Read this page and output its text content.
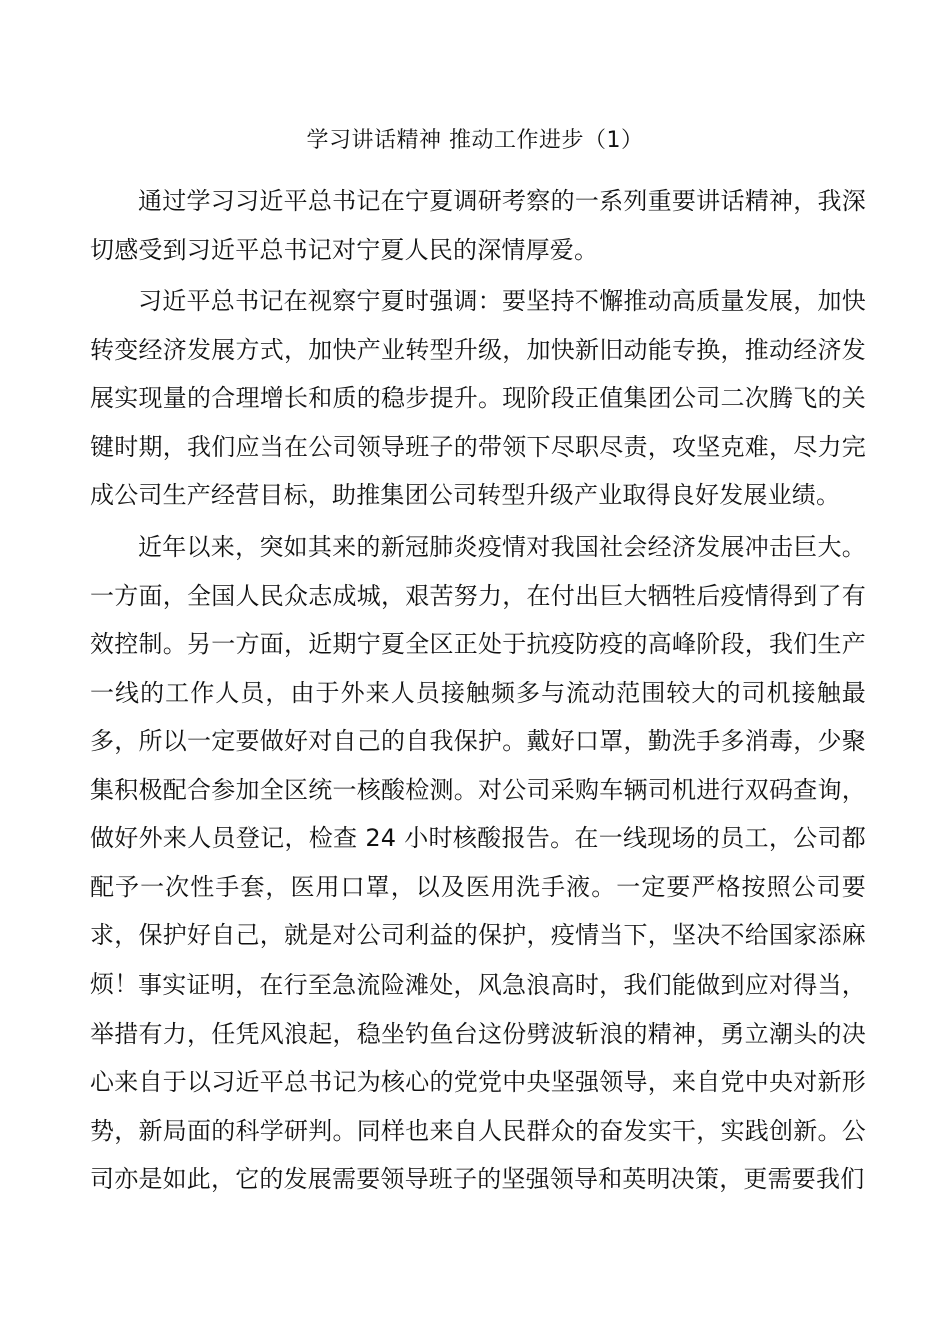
学习讲话精神 推动工作进步（1）

通过学习习近平总书记在宁夏调研考察的一系列重要讲话精神，我深切感受到习近平总书记对宁夏人民的深情厚爱。

习近平总书记在视察宁夏时强调：要坚持不懈推动高质量发展，加快转变经济发展方式，加快产业转型升级，加快新旧动能专换，推动经济发展实现量的合理增长和质的稳步提升。现阶段正值集团公司二次腾飞的关键时期，我们应当在公司领导班子的带领下尽职尽责，攻坚克难，尽力完成公司生产经营目标，助推集团公司转型升级产业取得良好发展业绩。

近年以来，突如其来的新冠肺炎疫情对我国社会经济发展冲击巨大。一方面，全国人民众志成城，艰苦努力，在付出巨大牺牲后疫情得到了有效控制。另一方面，近期宁夏全区正处于抗疫防疫的高峰阶段，我们生产一线的工作人员，由于外来人员接触频多与流动范围较大的司机接触最多，所以一定要做好对自己的自我保护。戴好口罩，勤洗手多消毒，少聚集积极配合参加全区统一核酸检测。对公司采购车辆司机进行双码查询，做好外来人员登记，检查 24 小时核酸报告。在一线现场的员工，公司都配予一次性手套，医用口罩，以及医用洗手液。一定要严格按照公司要求，保护好自己，就是对公司利益的保护，疫情当下，坚决不给国家添麻烦！ 事实证明，在行至急流险滩处，风急浪高时，我们能做到应对得当，举措有力，任凭风浪起，稳坐钓鱼台这份劈波斩浪的精神，勇立潮头的决心来自于以习近平总书记为核心的党党中央坚强领导，来自党中央对新形势，新局面的科学研判。同样也来自人民群众的奋发实干，实践创新。公司亦是如此，它的发展需要领导班子的坚强领导和英明决策，更需要我们
